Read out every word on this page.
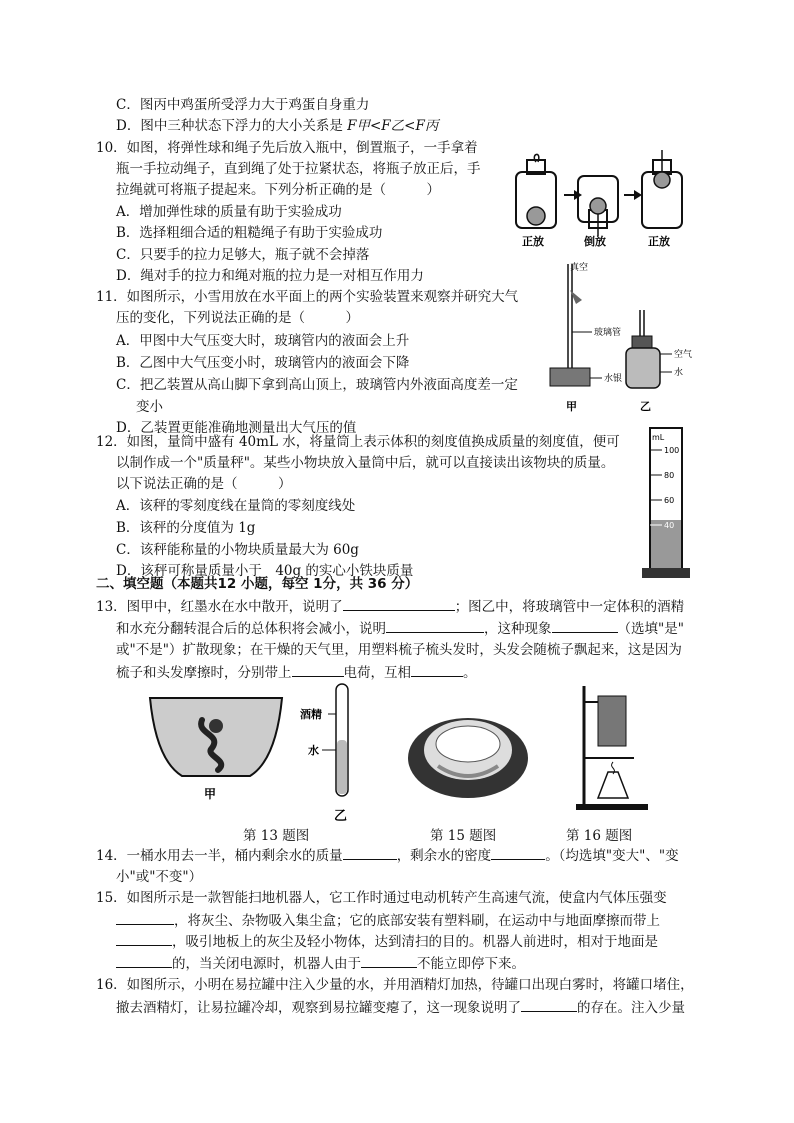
C．图丙中鸡蛋所受浮力大于鸡蛋自身重力
D．图中三种状态下浮力的大小关系是 F甲<F乙<F丙
10．如图，将弹性球和绳子先后放入瓶中，倒置瓶子，一手拿着
瓶一手拉动绳子，直到绳了处于拉紧状态，将瓶子放正后，手
拉绳就可将瓶子提起来。下列分析正确的是（　　　）
A．增加弹性球的质量有助于实验成功
B．选择粗细合适的粗糙绳子有助于实验成功
C．只要手的拉力足够大，瓶子就不会掉落
D．绳对手的拉力和绳对瓶的拉力是一对相互作用力
正放	倒放	正放
11．如图所示，小雪用放在水平面上的两个实验装置来观察并研究大气
压的变化，下列说法正确的是（　　　）
A．甲图中大气压变大时，玻璃管内的液面会上升
B．乙图中大气压变小时，玻璃管内的液面会下降
C．把乙装置从高山脚下拿到高山顶上，玻璃管内外液面高度差一定
变小
D．乙装置更能准确地测量出大气压的值
真空
玻璃管
水银
甲
空气
水
乙
12．如图，量筒中盛有 40mL 水，将量筒上表示体积的刻度值换成质量的刻度值，便可
以制作成一个"质量秤"。某些小物块放入量筒中后，就可以直接读出该物块的质量。
以下说法正确的是（　　　）
A．该秤的零刻度线在量筒的零刻度线处
B．该秤的分度值为 1g
C．该秤能称量的小物块质量最大为 60g
D．该秤可称量质量小于　40g 的实心小铁块质量
mL
100
80
60
40
二、填空题（本题共12 小题，每空 1分，共 36 分）
13．图甲中，红墨水在水中散开，说明了	；图乙中，将玻璃管中一定体积的酒精
和水充分翻转混合后的总体积将会减小，说明	，这种现象	（选填"是"
或"不是"）扩散现象；在干燥的天气里，用塑料梳子梳头发时，头发会随梳子飘起来，这是因为
梳子和头发摩擦时，分别带上	电荷，互相	。
甲
酒精
水
乙
第 13 题图	第 15 题图	第 16 题图
14．一桶水用去一半，桶内剩余水的质量	，剩余水的密度	。（均选填"变大"、"变
小"或"不变"）
15．如图所示是一款智能扫地机器人，它工作时通过电动机转产生高速气流，使盒内气体压强变
，将灰尘、杂物吸入集尘盒；它的底部安装有塑料刷，在运动中与地面摩擦而带上
，吸引地板上的灰尘及轻小物体，达到清扫的目的。机器人前进时，相对于地面是
的，当关闭电源时，机器人由于	不能立即停下来。
16．如图所示，小明在易拉罐中注入少量的水，并用酒精灯加热，待罐口出现白雾时，将罐口堵住，
撤去酒精灯，让易拉罐冷却，观察到易拉罐变瘪了，这一现象说明了	的存在。注入少量
